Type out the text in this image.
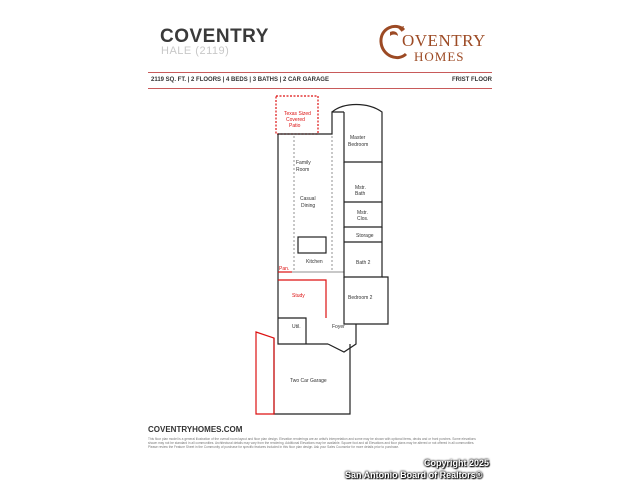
COVENTRY
HALE (2119)
OVENTRY
HOMES
2119 SQ. FT. | 2 FLOORS | 4 BEDS | 3 BATHS | 2 CAR GARAGE	FRIST FLOOR
Texas Sized
Covered
Patio
Master
Bedroom
Family
Room
Casual
Dining
Mstr.
Bath
Mstr.
Clos.
Storage
Bath 2
Kitchen
Pan.
Study	Bedroom 2
Util.	Foyer
Two Car Garage
COVENTRYHOMES.COM
This floor plan model is a general illustration of the overall room layout and floor plan design. Elevation renderings are an artist's interpretation and some may be shown with optional items, decks and or front porches. Some elevations shown may not be standard in all communities. Architectural details may vary from the rendering. Additional Elevations may be available. Square foot and all Elevations and floor plans may be altered or not offered in all communities. Please review the Feature Sheet in the Community of purchase for specific features included in this floor plan design. Ask your Sales Counselor for more details prior to purchase.
Copyright 2025
San Antonio Board of Realtors®
